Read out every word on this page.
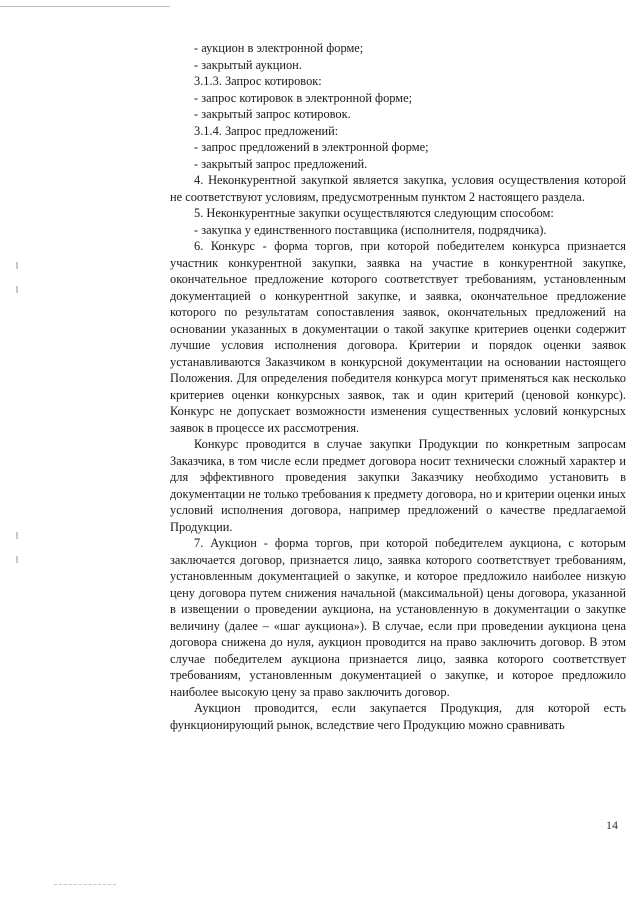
- аукцион в электронной форме;
- закрытый аукцион.
3.1.3. Запрос котировок:
- запрос котировок в электронной форме;
- закрытый запрос котировок.
3.1.4. Запрос предложений:
- запрос предложений в электронной форме;
- закрытый запрос предложений.

4. Неконкурентной закупкой является закупка, условия осуществления которой не соответствуют условиям, предусмотренным пунктом 2 настоящего раздела.

5. Неконкурентные закупки осуществляются следующим способом:

- закупка у единственного поставщика (исполнителя, подрядчика).

6. Конкурс - форма торгов, при которой победителем конкурса признается участник конкурентной закупки, заявка на участие в конкурентной закупке, окончательное предложение которого соответствует требованиям, установленным документацией о конкурентной закупке, и заявка, окончательное предложение которого по результатам сопоставления заявок, окончательных предложений на основании указанных в документации о такой закупке критериев оценки содержит лучшие условия исполнения договора. Критерии и порядок оценки заявок устанавливаются Заказчиком в конкурсной документации на основании настоящего Положения. Для определения победителя конкурса могут применяться как несколько критериев оценки конкурсных заявок, так и один критерий (ценовой конкурс). Конкурс не допускает возможности изменения существенных условий конкурсных заявок в процессе их рассмотрения.

Конкурс проводится в случае закупки Продукции по конкретным запросам Заказчика, в том числе если предмет договора носит технически сложный характер и для эффективного проведения закупки Заказчику необходимо установить в документации не только требования к предмету договора, но и критерии оценки иных условий исполнения договора, например предложений о качестве предлагаемой Продукции.

7. Аукцион - форма торгов, при которой победителем аукциона, с которым заключается договор, признается лицо, заявка которого соответствует требованиям, установленным документацией о закупке, и которое предложило наиболее низкую цену договора путем снижения начальной (максимальной) цены договора, указанной в извещении о проведении аукциона, на установленную в документации о закупке величину (далее – «шаг аукциона»). В случае, если при проведении аукциона цена договора снижена до нуля, аукцион проводится на право заключить договор. В этом случае победителем аукциона признается лицо, заявка которого соответствует требованиям, установленным документацией о закупке, и которое предложило наиболее высокую цену за право заключить договор.

Аукцион проводится, если закупается Продукция, для которой есть функционирующий рынок, вследствие чего Продукцию можно сравнивать

14
